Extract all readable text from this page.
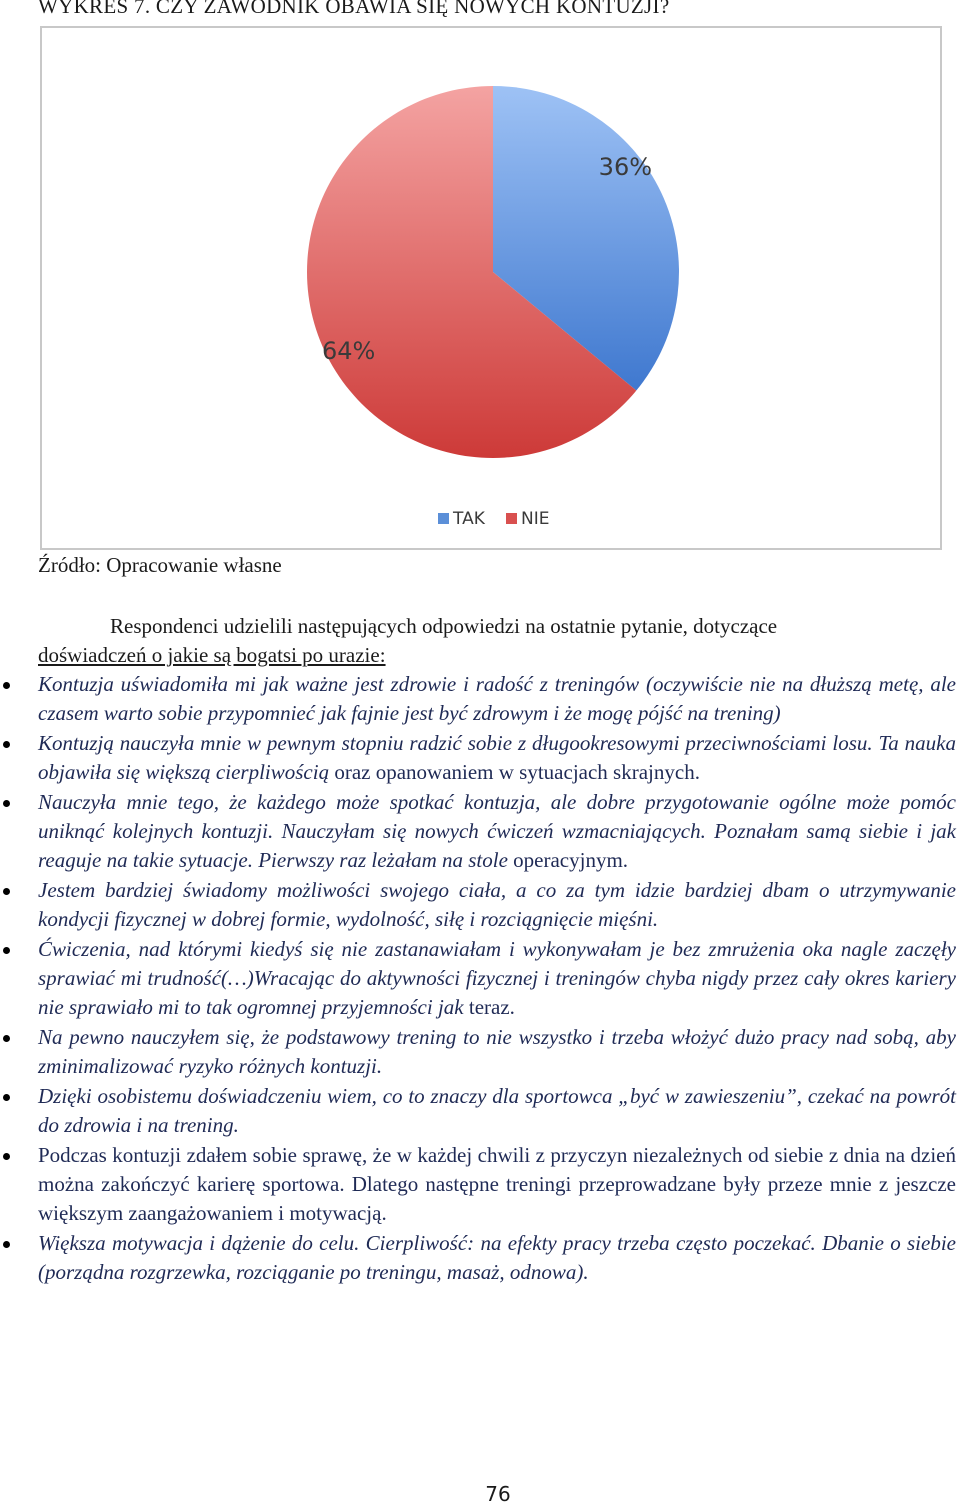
WYKRES 7. CZY ZAWODNIK OBAWIA SIĘ NOWYCH KONTUZJI?
36%
64%
TAK NIE
Źródło: Opracowanie własne
Respondenci udzielili następujących odpowiedzi na ostatnie pytanie, dotyczące
doświadczeń o jakie są bogatsi po urazie:
Kontuzja uświadomiła mi jak ważne jest zdrowie i radość z treningów (oczywiście nie na dłuższą metę, ale czasem warto sobie przypomnieć jak fajnie jest być zdrowym i że mogę pójść na trening)
Kontuzją nauczyła mnie w pewnym stopniu radzić sobie z długookresowymi przeciwnościami losu. Ta nauka objawiła się większą cierpliwością oraz opanowaniem w sytuacjach skrajnych.
Nauczyła mnie tego, że każdego może spotkać kontuzja, ale dobre przygotowanie ogólne może pomóc uniknąć kolejnych kontuzji. Nauczyłam się nowych ćwiczeń wzmacniających. Poznałam samą siebie i jak reaguje na takie sytuacje. Pierwszy raz leżałam na stole operacyjnym.
Jestem bardziej świadomy możliwości swojego ciała, a co za tym idzie bardziej dbam o utrzymywanie kondycji fizycznej w dobrej formie, wydolność, siłę i rozciągnięcie mięśni.
Ćwiczenia, nad którymi kiedyś się nie zastanawiałam i wykonywałam je bez zmrużenia oka nagle zaczęły sprawiać mi trudność(…)Wracając do aktywności fizycznej i treningów chyba nigdy przez cały okres kariery nie sprawiało mi to tak ogromnej przyjemności jak teraz.
Na pewno nauczyłem się, że podstawowy trening to nie wszystko i trzeba włożyć dużo pracy nad sobą, aby zminimalizować ryzyko różnych kontuzji.
Dzięki osobistemu doświadczeniu wiem, co to znaczy dla sportowca „być w zawieszeniu”, czekać na powrót do zdrowia i na trening.
Podczas kontuzji zdałem sobie sprawę, że w każdej chwili z przyczyn niezależnych od siebie z dnia na dzień można zakończyć karierę sportowa. Dlatego następne treningi przeprowadzane były przeze mnie z jeszcze większym zaangażowaniem i motywacją.
Większa motywacja i dążenie do celu. Cierpliwość: na efekty pracy trzeba często poczekać. Dbanie o siebie (porządna rozgrzewka, rozciąganie po treningu, masaż, odnowa).
76
